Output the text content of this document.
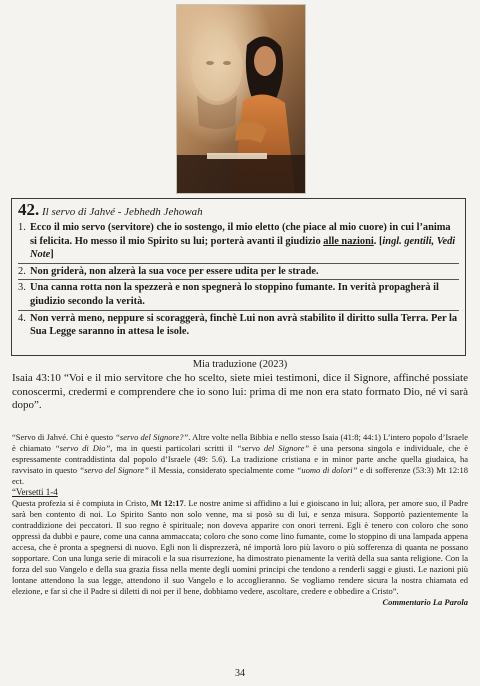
42. Il servo di Jahvé - Jebhedh Jehowah
1. Ecco il mio servo (servitore) che io sostengo, il mio eletto (che piace al mio cuore) in cui l’anima si felicita. Ho messo il mio Spirito su lui; porterà avanti il giudizio alle nazioni. [ingl. gentili, Vedi Note]
2. Non griderà, non alzerà la sua voce per essere udita per le strade.
3. Una canna rotta non la spezzerà e non spegnerà lo stoppino fumante. In verità propagherà il giudizio secondo la verità.
4. Non verrà meno, neppure si scoraggerà, finchè Lui non avrà stabilito il diritto sulla Terra. Per la Sua Legge saranno in attesa le isole.
Mia traduzione (2023)
Isaia 43:10 “Voi e il mio servitore che ho scelto, siete miei testimoni, dice il Signore, affinché possiate conoscermi, credermi e comprendere che io sono lui: prima di me non era stato formato Dio, né vi sarà dopo”.

“Servo di Jahvé. Chi è questo “servo del Signore?”. Altre volte nella Bibbia e nello stesso Isaia (41:8; 44:1) L’intero popolo d’Israele è chiamato “servo di Dio”, ma in questi particolari scritti il “servo del Signore” è una persona singola e individuale, che è espressamente contraddistinta dal popolo d’Israele (49: 5.6). La tradizione cristiana e in minor parte anche quella giudaica, ha ravvisato in questo “servo del Signore” il Messia, considerato specialmente come “uomo di dolori” e di sofferenze (53:3) Mt 12:18 ect.

“Versetti 1-4

Questa profezia si è compiuta in Cristo, Mt 12:17. Le nostre anime si affidino a lui e gioiscano in lui; allora, per amore suo, il Padre sarà ben contento di noi. Lo Spirito Santo non solo venne, ma si posò su di lui, e senza misura. Sopportò pazientemente la contraddizione dei peccatori. Il suo regno è spirituale; non doveva apparire con onori terreni. Egli è tenero con coloro che sono oppressi da dubbi e paure, come una canna ammaccata; coloro che sono come lino fumante, come lo stoppino di una lampada appena accesa, che è pronta a spegnersi di nuovo. Egli non li disprezzerà, né importà loro più lavoro o più sofferenza di quanta ne possano sopportare. Con una lunga serie di miracoli e la sua risurrezione, ha dimostrato pienamente la verità della sua santa religione. Con la forza del suo Vangelo e della sua grazia fissa nella mente degli uomini principi che tendono a renderli saggi e giusti. Le nazioni più lontane attendono la sua legge, attendono il suo Vangelo e lo accoglieranno. Se vogliamo rendere sicura la nostra chiamata ed elezione, e far sì che il Padre si diletti di noi per il bene, dobbiamo vedere, ascoltare, credere e obbedire a Cristo”.
Commentario La Parola

34
